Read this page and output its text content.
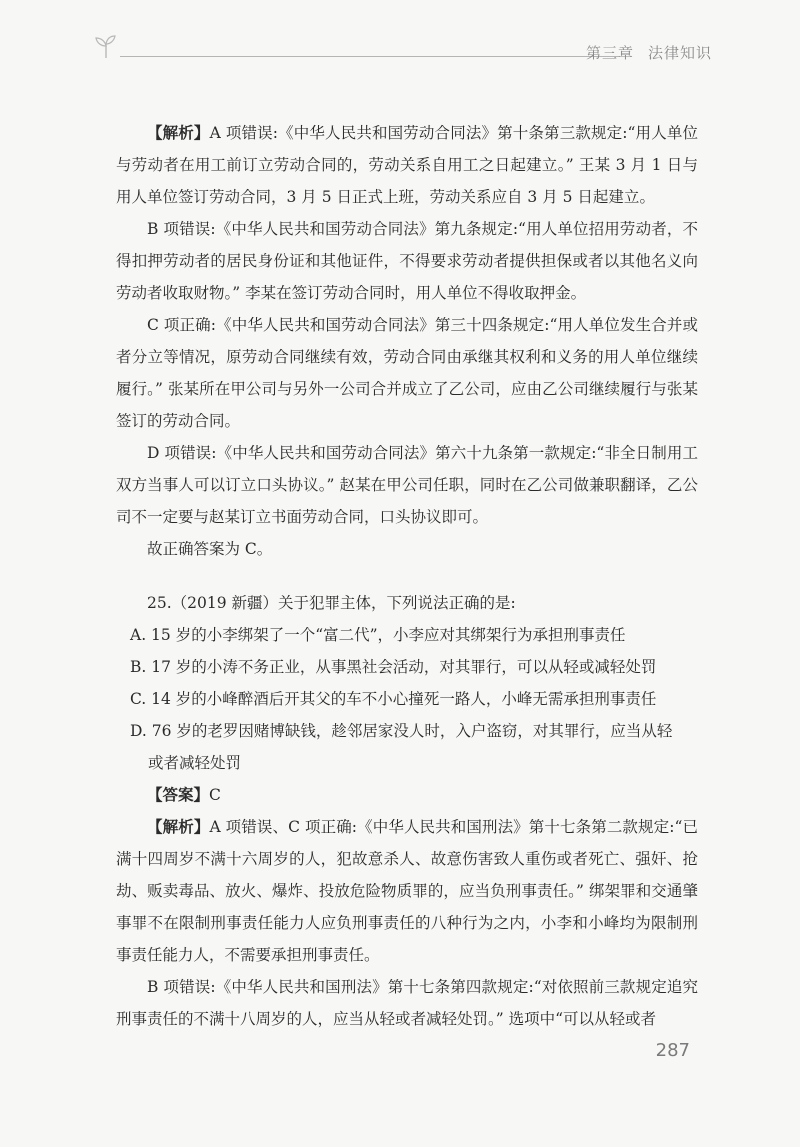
第三章 法律知识

【解析】A 项错误:《中华人民共和国劳动合同法》第十条第三款规定:“用人单位与劳动者在用工前订立劳动合同的，劳动关系自用工之日起建立。” 王某 3 月 1 日与用人单位签订劳动合同，3 月 5 日正式上班，劳动关系应自 3 月 5 日起建立。

B 项错误:《中华人民共和国劳动合同法》第九条规定:“用人单位招用劳动者，不得扣押劳动者的居民身份证和其他证件，不得要求劳动者提供担保或者以其他名义向劳动者收取财物。” 李某在签订劳动合同时，用人单位不得收取押金。

C 项正确:《中华人民共和国劳动合同法》第三十四条规定:“用人单位发生合并或者分立等情况，原劳动合同继续有效，劳动合同由承继其权利和义务的用人单位继续履行。” 张某所在甲公司与另外一公司合并成立了乙公司，应由乙公司继续履行与张某签订的劳动合同。

D 项错误:《中华人民共和国劳动合同法》第六十九条第一款规定:“非全日制用工双方当事人可以订立口头协议。” 赵某在甲公司任职，同时在乙公司做兼职翻译，乙公司不一定要与赵某订立书面劳动合同，口头协议即可。

故正确答案为 C。

25.（2019 新疆）关于犯罪主体，下列说法正确的是:

A. 15 岁的小李绑架了一个“富二代”，小李应对其绑架行为承担刑事责任

B. 17 岁的小涛不务正业，从事黑社会活动，对其罪行，可以从轻或减轻处罚

C. 14 岁的小峰醉酒后开其父的车不小心撞死一路人，小峰无需承担刑事责任

D. 76 岁的老罗因赌博缺钱，趁邻居家没人时，入户盗窃，对其罪行，应当从轻

或者减轻处罚

【答案】C

【解析】A 项错误、C 项正确:《中华人民共和国刑法》第十七条第二款规定:“已满十四周岁不满十六周岁的人，犯故意杀人、故意伤害致人重伤或者死亡、强奸、抢劫、贩卖毒品、放火、爆炸、投放危险物质罪的，应当负刑事责任。” 绑架罪和交通肇事罪不在限制刑事责任能力人应负刑事责任的八种行为之内，小李和小峰均为限制刑事责任能力人，不需要承担刑事责任。

B 项错误:《中华人民共和国刑法》第十七条第四款规定:“对依照前三款规定追究刑事责任的不满十八周岁的人，应当从轻或者减轻处罚。” 选项中“可以从轻或者

287
